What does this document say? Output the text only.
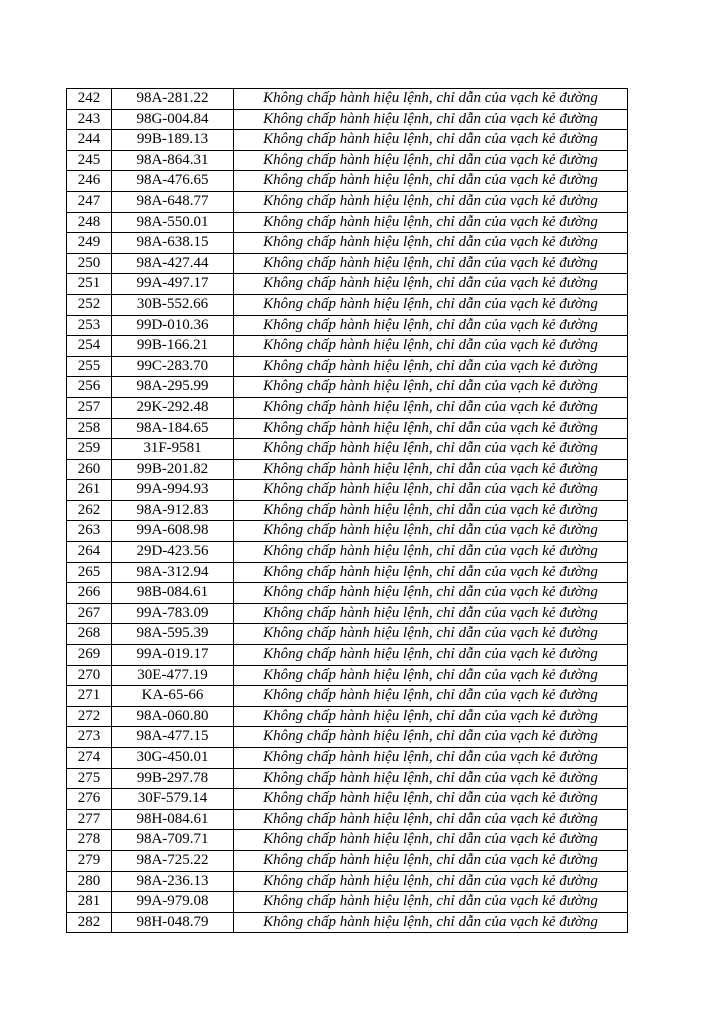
242	98A-281.22	Không chấp hành hiệu lệnh, chỉ dẫn của vạch kẻ đường
243	98G-004.84	Không chấp hành hiệu lệnh, chỉ dẫn của vạch kẻ đường
244	99B-189.13	Không chấp hành hiệu lệnh, chỉ dẫn của vạch kẻ đường
245	98A-864.31	Không chấp hành hiệu lệnh, chỉ dẫn của vạch kẻ đường
246	98A-476.65	Không chấp hành hiệu lệnh, chỉ dẫn của vạch kẻ đường
247	98A-648.77	Không chấp hành hiệu lệnh, chỉ dẫn của vạch kẻ đường
248	98A-550.01	Không chấp hành hiệu lệnh, chỉ dẫn của vạch kẻ đường
249	98A-638.15	Không chấp hành hiệu lệnh, chỉ dẫn của vạch kẻ đường
250	98A-427.44	Không chấp hành hiệu lệnh, chỉ dẫn của vạch kẻ đường
251	99A-497.17	Không chấp hành hiệu lệnh, chỉ dẫn của vạch kẻ đường
252	30B-552.66	Không chấp hành hiệu lệnh, chỉ dẫn của vạch kẻ đường
253	99D-010.36	Không chấp hành hiệu lệnh, chỉ dẫn của vạch kẻ đường
254	99B-166.21	Không chấp hành hiệu lệnh, chỉ dẫn của vạch kẻ đường
255	99C-283.70	Không chấp hành hiệu lệnh, chỉ dẫn của vạch kẻ đường
256	98A-295.99	Không chấp hành hiệu lệnh, chỉ dẫn của vạch kẻ đường
257	29K-292.48	Không chấp hành hiệu lệnh, chỉ dẫn của vạch kẻ đường
258	98A-184.65	Không chấp hành hiệu lệnh, chỉ dẫn của vạch kẻ đường
259	31F-9581	Không chấp hành hiệu lệnh, chỉ dẫn của vạch kẻ đường
260	99B-201.82	Không chấp hành hiệu lệnh, chỉ dẫn của vạch kẻ đường
261	99A-994.93	Không chấp hành hiệu lệnh, chỉ dẫn của vạch kẻ đường
262	98A-912.83	Không chấp hành hiệu lệnh, chỉ dẫn của vạch kẻ đường
263	99A-608.98	Không chấp hành hiệu lệnh, chỉ dẫn của vạch kẻ đường
264	29D-423.56	Không chấp hành hiệu lệnh, chỉ dẫn của vạch kẻ đường
265	98A-312.94	Không chấp hành hiệu lệnh, chỉ dẫn của vạch kẻ đường
266	98B-084.61	Không chấp hành hiệu lệnh, chỉ dẫn của vạch kẻ đường
267	99A-783.09	Không chấp hành hiệu lệnh, chỉ dẫn của vạch kẻ đường
268	98A-595.39	Không chấp hành hiệu lệnh, chỉ dẫn của vạch kẻ đường
269	99A-019.17	Không chấp hành hiệu lệnh, chỉ dẫn của vạch kẻ đường
270	30E-477.19	Không chấp hành hiệu lệnh, chỉ dẫn của vạch kẻ đường
271	KA-65-66	Không chấp hành hiệu lệnh, chỉ dẫn của vạch kẻ đường
272	98A-060.80	Không chấp hành hiệu lệnh, chỉ dẫn của vạch kẻ đường
273	98A-477.15	Không chấp hành hiệu lệnh, chỉ dẫn của vạch kẻ đường
274	30G-450.01	Không chấp hành hiệu lệnh, chỉ dẫn của vạch kẻ đường
275	99B-297.78	Không chấp hành hiệu lệnh, chỉ dẫn của vạch kẻ đường
276	30F-579.14	Không chấp hành hiệu lệnh, chỉ dẫn của vạch kẻ đường
277	98H-084.61	Không chấp hành hiệu lệnh, chỉ dẫn của vạch kẻ đường
278	98A-709.71	Không chấp hành hiệu lệnh, chỉ dẫn của vạch kẻ đường
279	98A-725.22	Không chấp hành hiệu lệnh, chỉ dẫn của vạch kẻ đường
280	98A-236.13	Không chấp hành hiệu lệnh, chỉ dẫn của vạch kẻ đường
281	99A-979.08	Không chấp hành hiệu lệnh, chỉ dẫn của vạch kẻ đường
282	98H-048.79	Không chấp hành hiệu lệnh, chỉ dẫn của vạch kẻ đường
